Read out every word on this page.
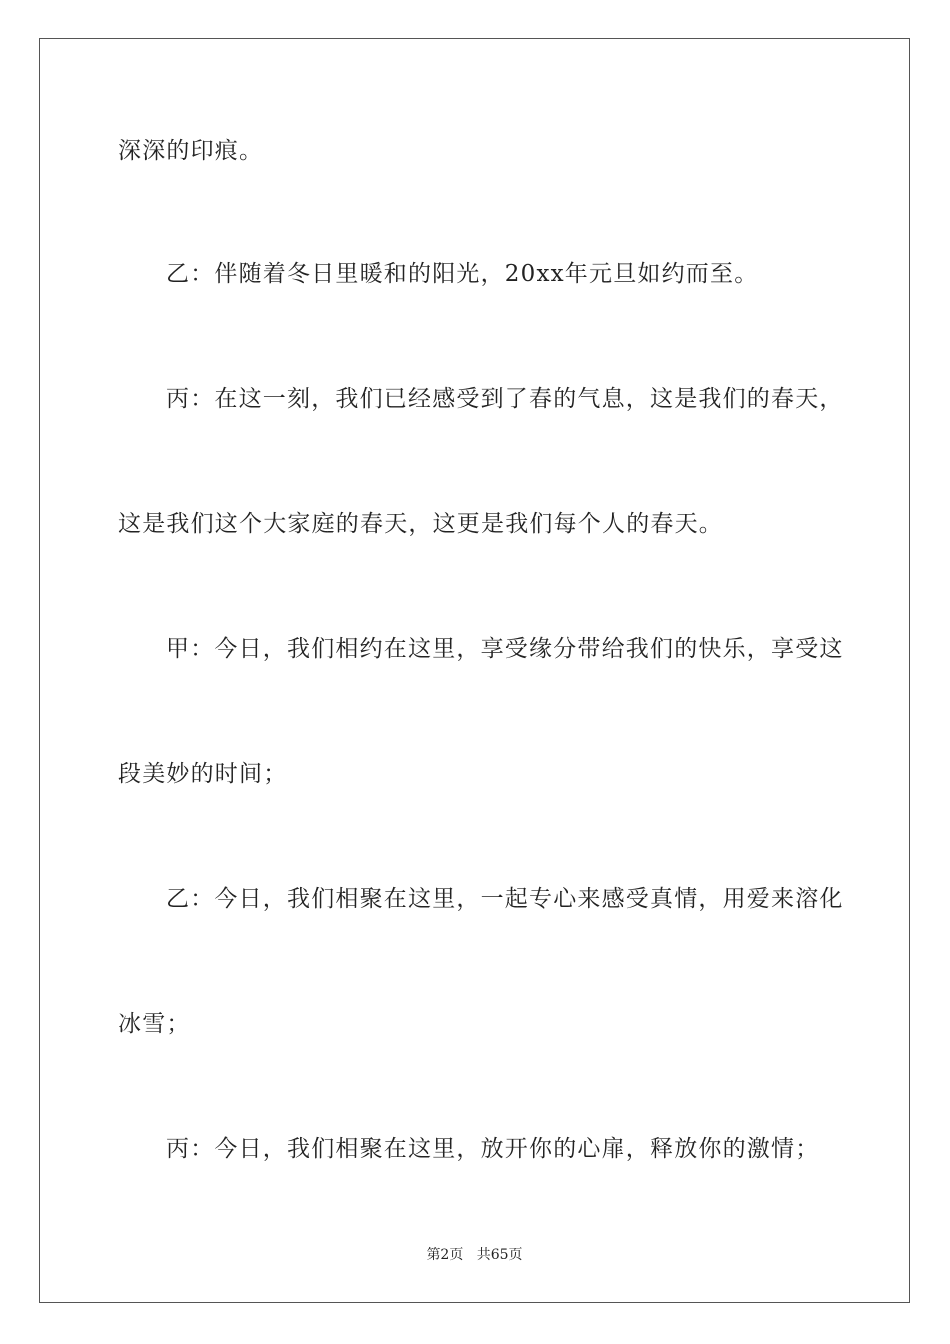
深深的印痕。
乙：伴随着冬日里暖和的阳光，20xx年元旦如约而至。
丙：在这一刻，我们已经感受到了春的气息，这是我们的春天，
这是我们这个大家庭的春天，这更是我们每个人的春天。
甲：今日，我们相约在这里，享受缘分带给我们的快乐，享受这
段美妙的时间；
乙：今日，我们相聚在这里，一起专心来感受真情，用爱来溶化
冰雪；
丙：今日，我们相聚在这里，放开你的心扉，释放你的激情；
第2页 共65页
